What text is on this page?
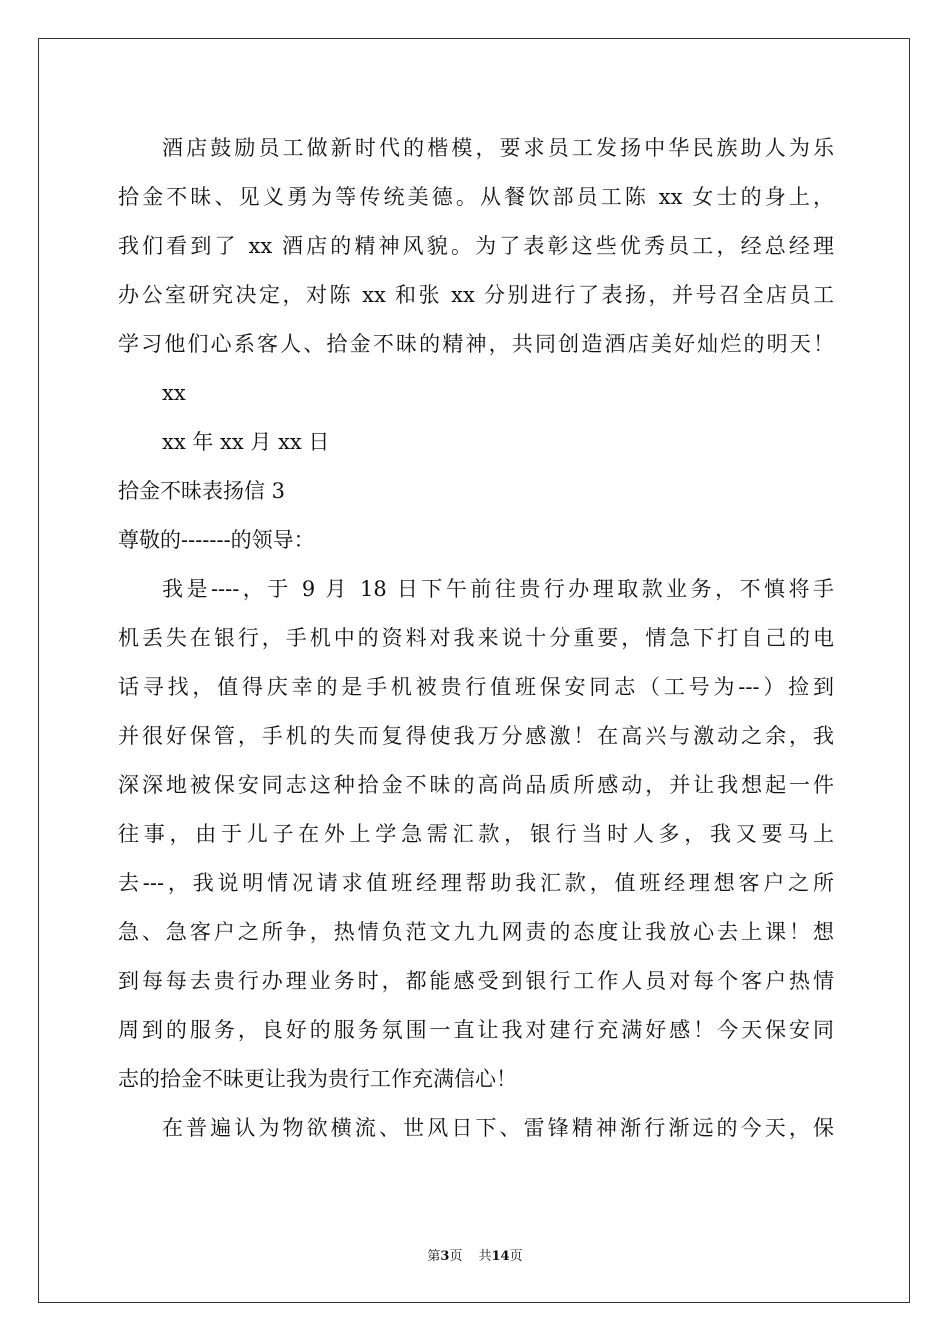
酒店鼓励员工做新时代的楷模，要求员工发扬中华民族助人为乐
拾金不昧、见义勇为等传统美德。从餐饮部员工陈 xx 女士的身上，
我们看到了 xx 酒店的精神风貌。为了表彰这些优秀员工，经总经理
办公室研究决定，对陈 xx 和张 xx 分别进行了表扬，并号召全店员工
学习他们心系客人、拾金不昧的精神，共同创造酒店美好灿烂的明天！
xx
xx 年 xx 月 xx 日
拾金不昧表扬信 3
尊敬的-------的领导：
我是----，于 9 月 18 日下午前往贵行办理取款业务，不慎将手
机丢失在银行，手机中的资料对我来说十分重要，情急下打自己的电
话寻找，值得庆幸的是手机被贵行值班保安同志（工号为---）捡到
并很好保管，手机的失而复得使我万分感激！在高兴与激动之余，我
深深地被保安同志这种拾金不昧的高尚品质所感动，并让我想起一件
往事，由于儿子在外上学急需汇款，银行当时人多，我又要马上
去---，我说明情况请求值班经理帮助我汇款，值班经理想客户之所
急、急客户之所争，热情负范文九九网责的态度让我放心去上课！想
到每每去贵行办理业务时，都能感受到银行工作人员对每个客户热情
周到的服务，良好的服务氛围一直让我对建行充满好感！今天保安同
志的拾金不昧更让我为贵行工作充满信心！
在普遍认为物欲横流、世风日下、雷锋精神渐行渐远的今天，保
第3页 共14页
